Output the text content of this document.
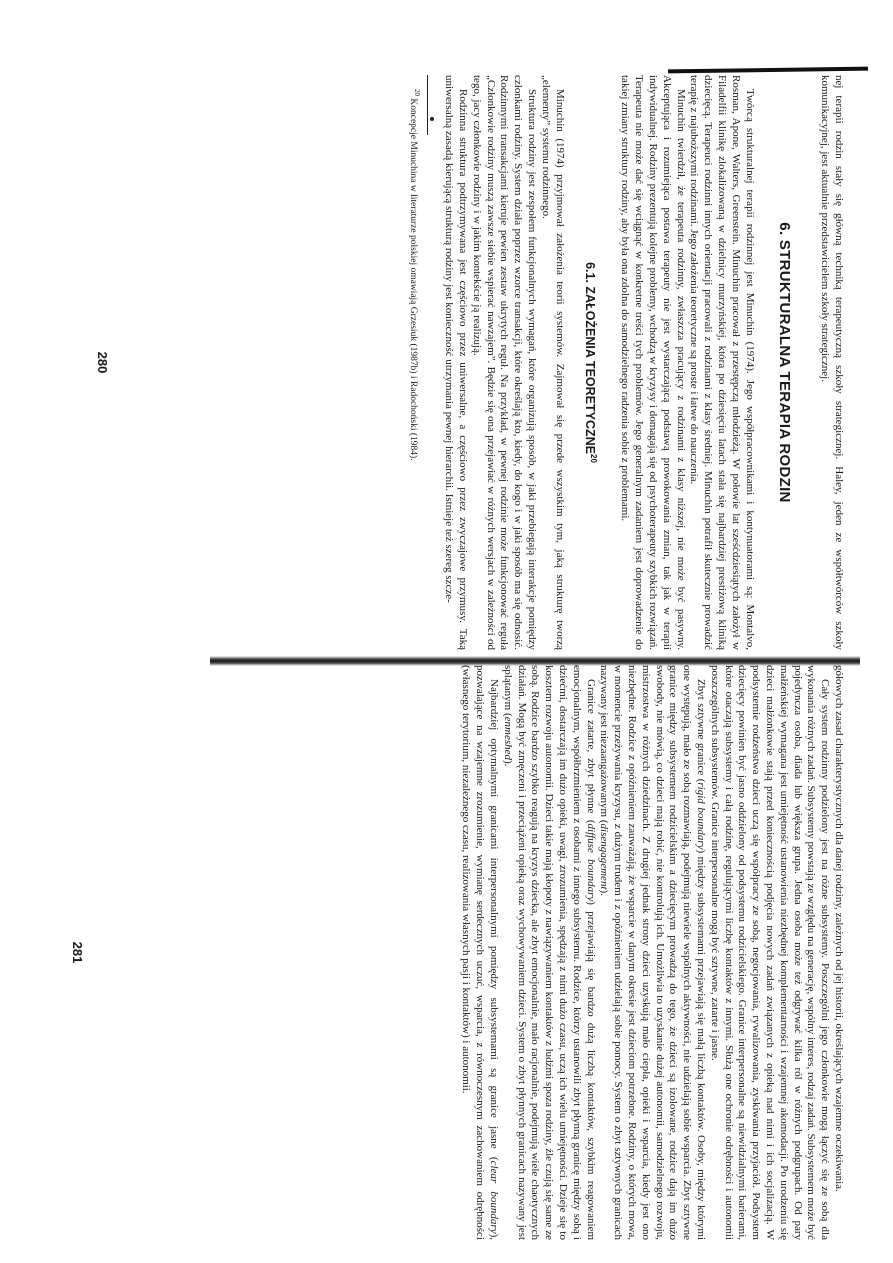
nej terapii rodzin stały się główną techniką terapeutyczną szkoły strategicznej. Haley, jeden ze współtwórców szkoły komunikacyjnej, jest aktualnie przedstawicielem szkoły strategicznej.

6. STRUKTURALNA TERAPIA RODZIN

Twórcą strukturalnej terapii rodzinnej jest Minuchin (1974). Jego współpracownikami i kontynuatorami są: Montalvo, Rosman, Apone, Walters, Greenstein. Minuchin pracował z przestępczą młodzieżą. W połowie lat sześćdziesiątych założył w Filadelfii klinikę zlokalizowaną w dzielnicy murzyńskiej, która po dziesięciu latach stała się najbardziej prestiżową kliniką dziecięcą. Terapeuci rodzinni innych orientacji pracowali z rodzinami z klasy średniej. Minuchin potrafił skutecznie prowadzić terapię z najuboższymi rodzinami. Jego założenia teoretyczne są proste i łatwe do nauczenia.

Minuchin twierdził, że terapeuta rodzinny, zwłaszcza pracujący z rodzinami z klasy niższej, nie może być pasywny. Akceptująca i rozumiejąca postawa terapeuty nie jest wystarczającą podstawą prowokowania zmian, tak jak w terapii indywidualnej. Rodziny prezentują kolejne problemy, wchodzą w kryzysy i domagają się od psychoterapeuty szybkich rozwiązań. Terapeuta nie może dać się wciągnąć w konkretne treści tych problemów. Jego generalnym zadaniem jest doprowadzenie do takiej zmiany struktury rodziny, aby była ona zdolna do samodzielnego radzenia sobie z problemami.

6.1. ZAŁOŻENIA TEORETYCZNE$^{20}$

Minuchin (1974) przyjmował założenia teorii systemów. Zajmował się przede wszystkim tym, jaką strukturę tworzą „elementy” systemu rodzinnego.

Struktura rodziny jest zespołem funkcjonalnych wymagań, które organizują sposób, w jaki przebiegają interakcje pomiędzy członkami rodziny. System działa poprzez wzorce transakcji, które określają kto, kiedy, do kogo i w jaki sposób ma się odnosić. Rodzinnymi transakcjami kieruje pewien zestaw ukrytych reguł. Na przykład, w pewnej rodzinie może funkcjonować reguła „Członkowie rodziny muszą zawsze siebie wspierać nawzajem”. Będzie się ona przejawiać w różnych wersjach w zależności od tego, jacy członkowie rodziny i w jakim kontekście ją realizują.

Rodzinna struktura podtrzymywana jest częściowo przez uniwersalne, a częściowo przez zwyczajowe przymusy. Taką uniwersalną zasadą kierującą strukturą rodziny jest konieczność utrzymania pewnej hierarchii. Istnieje też szereg szcze-

$^{20}$ Koncepcje Minuchina w literaturze polskiej omawiają Grzesiuk (1987b) i Radochoński (1984).

280

gółowych zasad charakterystycznych dla danej rodziny, zależnych od jej historii, określających wzajemne oczekiwania.

Cały system rodzinny podzielony jest na różne subsystemy. Poszczególni jego członkowie mogą łączyć się ze sobą dla wykonania różnych zadań. Subsystemy powstają ze względu na generację, wspólny interes, rodzaj zadań. Subsystemem może być pojedyncza osoba, diada lub większa grupa. Jedna osoba może też odgrywać kilka ról w różnych podgrupach. Od pary małżeńskiej wymagana jest umiejętność ustanowienia niezbędnej komplementarności i wzajemnej akomodacji. Po urodzeniu się dzieci małżonkowie stają przed koniecznością podjęcia nowych zadań związanych z opieką nad nimi i ich socjalizacją. W podsystemie rodzeństwa dzieci uczą się współpracy ze sobą, negocjowania, rywalizowania, zyskiwania przyjaciół. Podsystem dziecięcy powinien być jasno oddzielony od podsystemu rodzicielskiego. Granice interpersonalne są niewidzialnymi barierami, które otaczają subsystemy i całą rodzinę, regulującymi liczbę kontaktów z innymi. Służą one ochronie odrębności i autonomii poszczególnych subsystemów. Granice interpersonalne mogą być sztywne, zatarte i jasne.

Zbyt sztywne granice (rigid boundary) między subsystemami przejawiają się małą liczbą kontaktów. Osoby, między którymi one występują, mało ze sobą rozmawiają, podejmują niewiele wspólnych aktywności, nie udzielają sobie wsparcia. Zbyt sztywne granice między subsystemem rodzicielskim a dziecięcym prowadzą do tego, że dzieci są izolowane, rodzice dają im dużo swobody, nie mówią, co dzieci mają robić, nie kontrolują ich. Umożliwia to uzyskanie dużej autonomii, samodzielnego rozwoju, mistrzostwa w różnych dziedzinach. Z drugiej jednak strony dzieci uzyskują mało ciepła, opieki i wsparcia, kiedy jest ono niezbędne. Rodzice z opóźnieniem zauważają, że wsparcie w danym okresie jest dzieciom potrzebne. Rodziny, o których mowa, w momencie przeżywania kryzysu, z dużym trudem i z opóźnieniem udzielają sobie pomocy. System o zbyt sztywnych granicach nazywany jest niezaangażowanym (disengagement).

Granice zatarte, zbyt płynne (diffuse boundary) przejawiają się bardzo dużą liczbą kontaktów, szybkim reagowaniem emocjonalnym, współbrzmieniem z osobami z innego subsystemu. Rodzice, którzy ustanowili zbyt płynną granicę między sobą i dziećmi, dostarczają im dużo opieki, uwagi, zrozumienia, spędzają z nimi dużo czasu, uczą ich wielu umiejętności. Dzieje się to kosztem rozwoju autonomii. Dzieci takie mają kłopoty z nawiązywaniem kontaktów z ludźmi spoza rodziny, źle czują się same ze sobą. Rodzice bardzo szybko reagują na kryzys dziecka, ale zbyt emocjonalnie, mało racjonalnie, podejmują wiele chaotycznych działań. Mogą być zmęczeni i przeciążeni opieką oraz wychowywaniem dzieci. System o zbyt płynnych granicach nazywany jest splątanym (enmeshed).

Najbardziej optymalnymi granicami interpersonalnymi pomiędzy subsystemami są granice jasne (clear boundary), pozwalające na wzajemne zrozumienie, wymianę serdecznych uczuć, wsparcia, z równoczesnym zachowaniem odrębności (własnego terytorium, niezależnego czasu, realizowania własnych pasji i kontaktów) i autonomii.

281
